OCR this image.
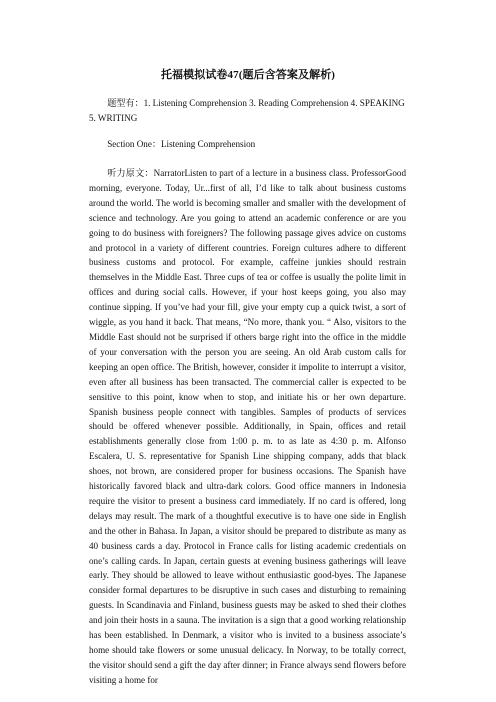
托福模拟试卷47(题后含答案及解析)
题型有：1. Listening Comprehension 3. Reading Comprehension 4. SPEAKING 5. WRITING
Section One：Listening Comprehension
听力原文：NarratorListen to part of a lecture in a business class. ProfessorGood morning, everyone. Today, Ur...first of all, I’d like to talk about business customs around the world. The world is becoming smaller and smaller with the development of science and technology. Are you going to attend an academic conference or are you going to do business with foreigners? The following passage gives advice on customs and protocol in a variety of different countries. Foreign cultures adhere to different business customs and protocol. For example, caffeine junkies should restrain themselves in the Middle East. Three cups of tea or coffee is usually the polite limit in offices and during social calls. However, if your host keeps going, you also may continue sipping. If you’ve had your fill, give your empty cup a quick twist, a sort of wiggle, as you hand it back. That means, “No more, thank you. “ Also, visitors to the Middle East should not be surprised if others barge right into the office in the middle of your conversation with the person you are seeing. An old Arab custom calls for keeping an open office. The British, however, consider it impolite to interrupt a visitor, even after all business has been transacted. The commercial caller is expected to be sensitive to this point, know when to stop, and initiate his or her own departure. Spanish business people connect with tangibles. Samples of products of services should be offered whenever possible. Additionally, in Spain, offices and retail establishments generally close from 1:00 p. m. to as late as 4:30 p. m. Alfonso Escalera, U. S. representative for Spanish Line shipping company, adds that black shoes, not brown, are considered proper for business occasions. The Spanish have historically favored black and ultra-dark colors. Good office manners in Indonesia require the visitor to present a business card immediately. If no card is offered, long delays may result. The mark of a thoughtful executive is to have one side in English and the other in Bahasa. In Japan, a visitor should be prepared to distribute as many as 40 business cards a day. Protocol in France calls for listing academic credentials on one’s calling cards. In Japan, certain guests at evening business gatherings will leave early. They should be allowed to leave without enthusiastic good-byes. The Japanese consider formal departures to be disruptive in such cases and disturbing to remaining guests. In Scandinavia and Finland, business guests may be asked to shed their clothes and join their hosts in a sauna. The invitation is a sign that a good working relationship has been established. In Denmark, a visitor who is invited to a business associate’s home should take flowers or some unusual delicacy. In Norway, to be totally correct, the visitor should send a gift the day after dinner; in France always send flowers before visiting a home for
